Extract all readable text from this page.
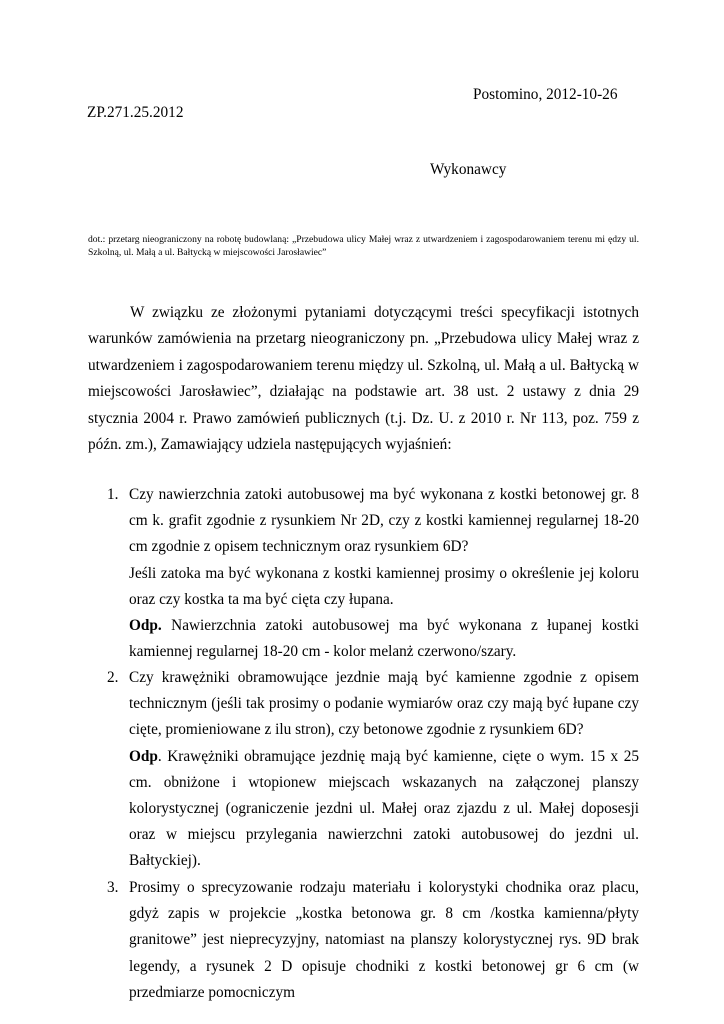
Postomino, 2012-10-26
ZP.271.25.2012
Wykonawcy
dot.: przetarg nieograniczony na robotę budowlaną: „Przebudowa ulicy Małej wraz z utwardzeniem i zagospodarowaniem terenu mi ędzy ul. Szkolną, ul. Małą a ul. Bałtycką w miejscowości Jarosławiec”
W związku ze złożonymi pytaniami dotyczącymi treści specyfikacji istotnych warunków zamówienia na przetarg nieograniczony pn. „Przebudowa ulicy Małej wraz z utwardzeniem i zagospodarowaniem terenu między ul. Szkolną, ul. Małą a ul. Bałtycką w miejscowości Jarosławiec”, działając na podstawie art. 38 ust. 2 ustawy z dnia 29 stycznia 2004 r. Prawo zamówień publicznych (t.j. Dz. U. z 2010 r. Nr 113, poz. 759 z późn. zm.), Zamawiający udziela następujących wyjaśnień:
1. Czy nawierzchnia zatoki autobusowej ma być wykonana z kostki betonowej gr. 8 cm k. grafit zgodnie z rysunkiem Nr 2D, czy z kostki kamiennej regularnej 18-20 cm zgodnie z opisem technicznym oraz rysunkiem 6D?

Jeśli zatoka ma być wykonana z kostki kamiennej prosimy o określenie jej koloru oraz czy kostka ta ma być cięta czy łupana.

Odp. Nawierzchnia zatoki autobusowej ma być wykonana z łupanej kostki kamiennej regularnej 18-20 cm - kolor melanż czerwono/szary.

2. Czy krawężniki obramowujące jezdnie mają być kamienne zgodnie z opisem technicznym (jeśli tak prosimy o podanie wymiarów oraz czy mają być łupane czy cięte, promieniowane z ilu stron), czy betonowe zgodnie z rysunkiem 6D?

Odp. Krawężniki obramujące jezdnię mają być kamienne, cięte o wym. 15 x 25 cm. obniżone i wtopionew miejscach wskazanych na załączonej planszy kolorystycznej (ograniczenie jezdni ul. Małej oraz zjazdu z ul. Małej doposesji oraz w miejscu przylegania nawierzchni zatoki autobusowej do jezdni ul. Bałtyckiej).

3. Prosimy o sprecyzowanie rodzaju materiału i kolorystyki chodnika oraz placu, gdyż zapis w projekcie „kostka betonowa gr. 8 cm /kostka kamienna/płyty granitowe” jest nieprecyzyjny, natomiast na planszy kolorystycznej rys. 9D brak legendy, a rysunek 2 D opisuje chodniki z kostki betonowej gr 6 cm (w przedmiarze pomocniczym
